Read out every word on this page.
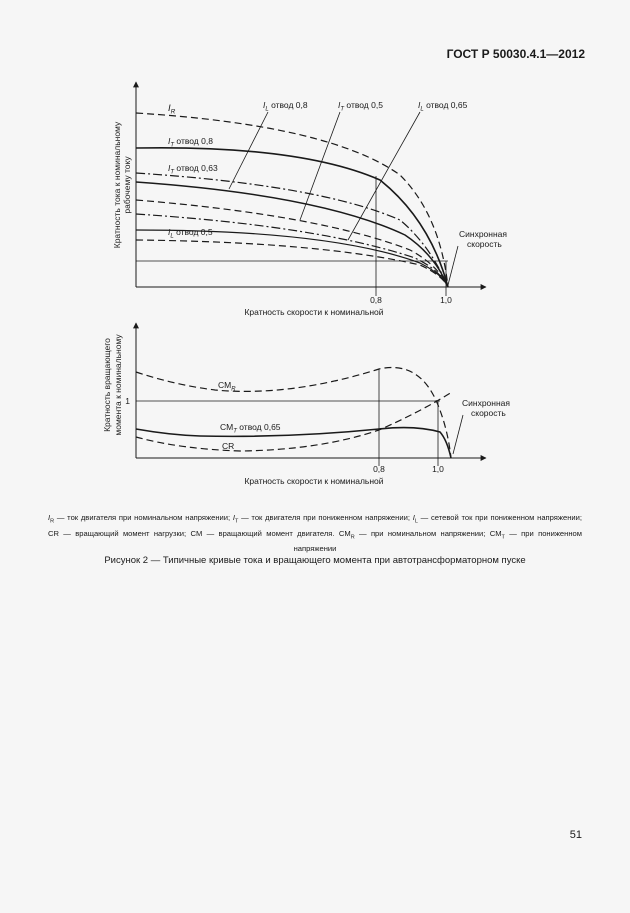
ГОСТ Р 50030.4.1—2012
$I_R$
$I_T$ отвод 0,8
$I_T$ отвод 0,63
$I_L$ отвод 0,5
$I_L$ отвод 0,8	$I_T$ отвод 0,5	$I_L$ отвод 0,65
Синхронная
скорость
0,8	1,0
Кратность скорости к номинальной
Кратность тока к номинальному рабочему току
$CM_R$
$CM_T$ отвод 0,65
CR
Синхронная
скорость
1
0,8	1,0
Кратность скорости к номинальной
Кратность вращающего момента к номинальному
$I_R$ — ток двигателя при номинальном напряжении; $I_T$ — ток двигателя при пониженном напряжении; $I_L$ — сетевой ток при пониженном напряжении; CR — вращающий момент нагрузки; CM — вращающий момент двигателя. $CM_R$ — при номинальном напряжении; $CM_T$ — при пониженном напряжении
Рисунок 2 — Типичные кривые тока и вращающего момента при автотрансформаторном пуске
51
